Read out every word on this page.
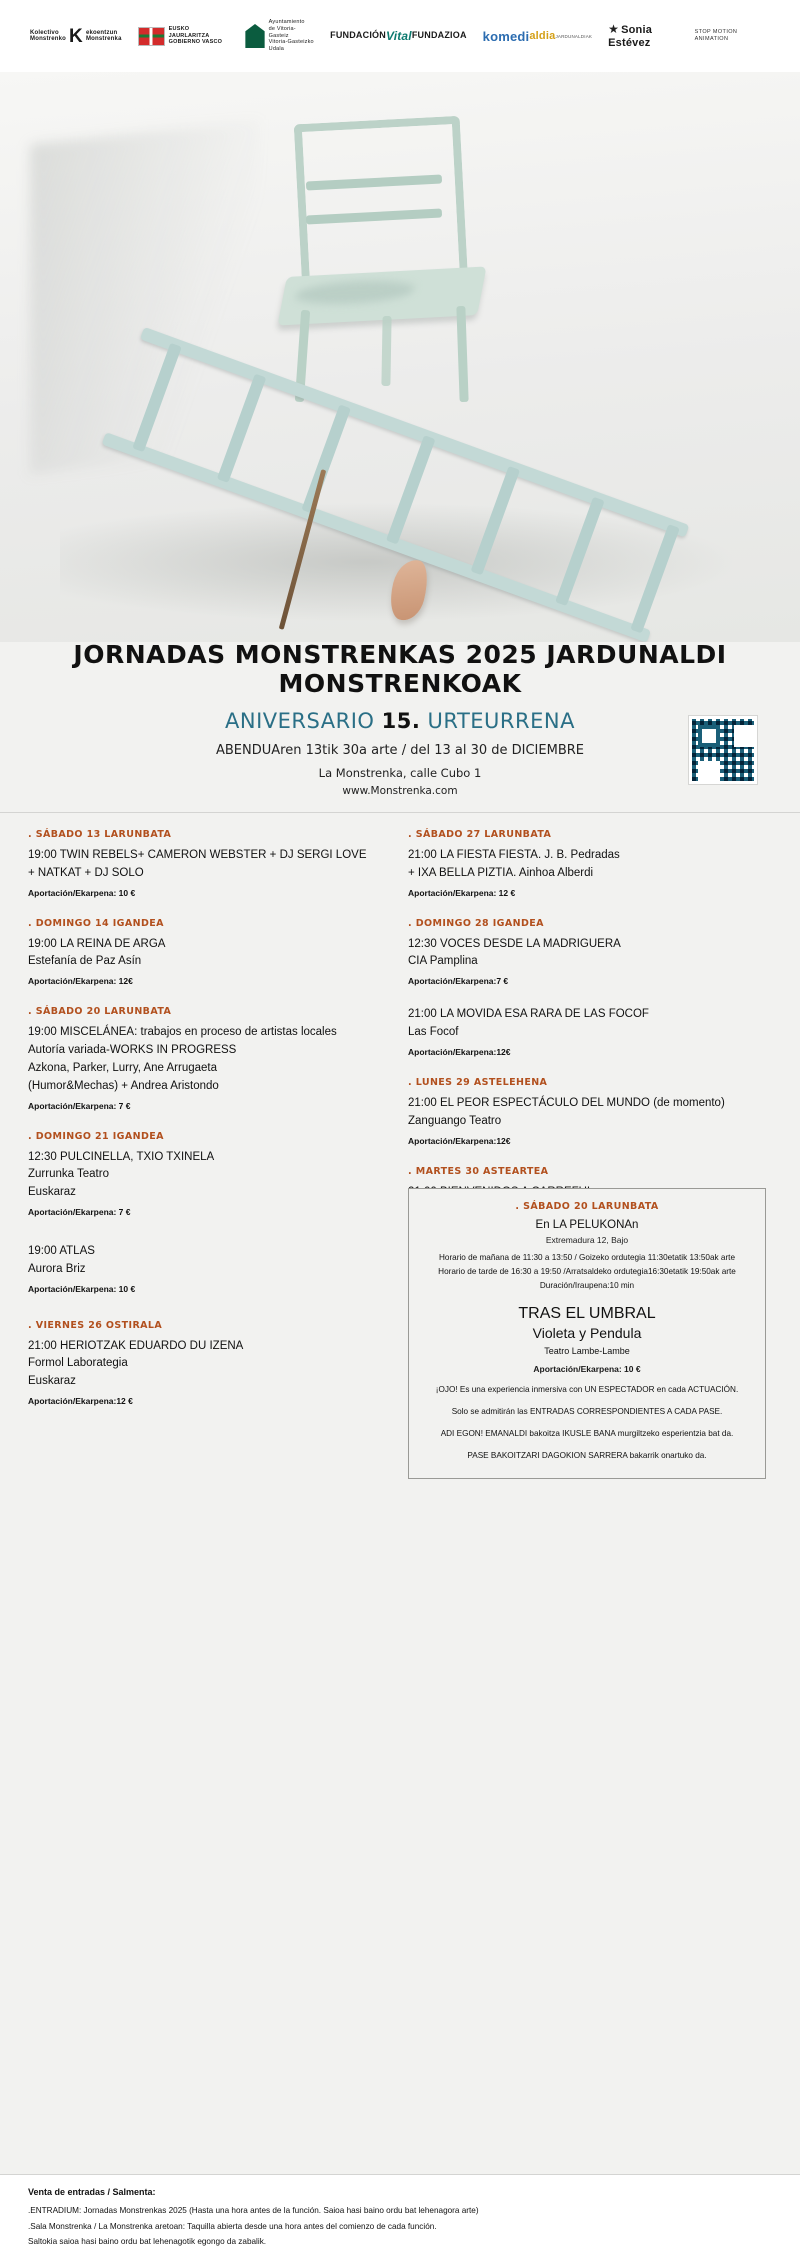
Kolectivo
Monstrenko K ekoentzun
Monstrenka
EUSKO JAURLARITZA
GOBIERNO VASCO
Ayuntamiento
de Vitoria-Gasteiz
Vitoria-Gasteizko
Udala
FUNDACIÓN Vital FUNDAZIOA komedi aldia JARDUNALDIAK
★ Sonia Estévez
STOP MOTION ANIMATION
JORNADAS MONSTRENKAS 2025 JARDUNALDI MONSTRENKOAK
ANIVERSARIO 15. URTEURRENA
ABENDUAren 13tik 30a arte / del 13 al 30 de DICIEMBRE
La Monstrenka, calle Cubo 1
www.Monstrenka.com
. SÁBADO 13 LARUNBATA
19:00 TWIN REBELS+ CAMERON WEBSTER + DJ SERGI LOVE
+ NATKAT + DJ SOLO
Aportación/Ekarpena: 10 €
. DOMINGO 14 IGANDEA
19:00 LA REINA DE ARGA
Estefanía de Paz Asín
Aportación/Ekarpena: 12€
. SÁBADO 20 LARUNBATA
19:00 MISCELÁNEA: trabajos en proceso de artistas locales
Autoría variada-WORKS IN PROGRESS
Azkona, Parker, Lurry, Ane Arrugaeta
(Humor&Mechas) + Andrea Aristondo
Aportación/Ekarpena: 7 €
. DOMINGO 21 IGANDEA
12:30 PULCINELLA, TXIO TXINELA
Zurrunka Teatro
Euskaraz
Aportación/Ekarpena: 7 €
19:00 ATLAS
Aurora Briz
Aportación/Ekarpena: 10 €
. VIERNES 26 OSTIRALA
21:00 HERIOTZAK EDUARDO DU IZENA
Formol Laborategia
Euskaraz
Aportación/Ekarpena:12 €
. SÁBADO 27 LARUNBATA
21:00 LA FIESTA FIESTA. J. B. Pedradas
+ IXA BELLA PIZTIA. Ainhoa Alberdi
Aportación/Ekarpena: 12 €
. DOMINGO 28 IGANDEA
12:30 VOCES DESDE LA MADRIGUERA
CIA Pamplina
Aportación/Ekarpena:7 €
21:00 LA MOVIDA ESA RARA DE LAS FOCOF
Las Focof
Aportación/Ekarpena:12€
. LUNES 29 ASTELEHENA
21:00 EL PEOR ESPECTÁCULO DEL MUNDO (de momento)
Zanguango Teatro
Aportación/Ekarpena:12€
. MARTES 30 ASTEARTEA
. SÁBADO 20 LARUNBATA
En LA PELUKONAn
Extremadura 12, Bajo
Horario de mañana de 11:30 a 13:50 / Goizeko ordutegia 11:30etatik 13:50ak arte
Horario de tarde de 16:30 a 19:50 /Arratsaldeko ordutegia16:30etatik 19:50ak arte
Duración/Iraupena:10 min
TRAS EL UMBRAL
Violeta y Pendula
Teatro Lambe-Lambe
Aportación/Ekarpena: 10 €
¡OJO! Es una experiencia inmersiva con UN ESPECTADOR en cada ACTUACIÓN.
Solo se admitirán las ENTRADAS CORRESPONDIENTES A CADA PASE.
ADI EGON! EMANALDI bakoitza IKUSLE BANA murgiltzeko esperientzia bat da.
PASE BAKOITZARI DAGOKION SARRERA bakarrik onartuko da.
Venta de entradas / Salmenta:
.ENTRADIUM: Jornadas Monstrenkas 2025 (Hasta una hora antes de la función. Saioa hasi baino ordu bat lehenagora arte)
.Sala Monstrenka / La Monstrenka aretoan: Taquilla abierta desde una hora antes del comienzo de cada función.
Saltokia saioa hasi baino ordu bat lehenagotik egongo da zabalik.
